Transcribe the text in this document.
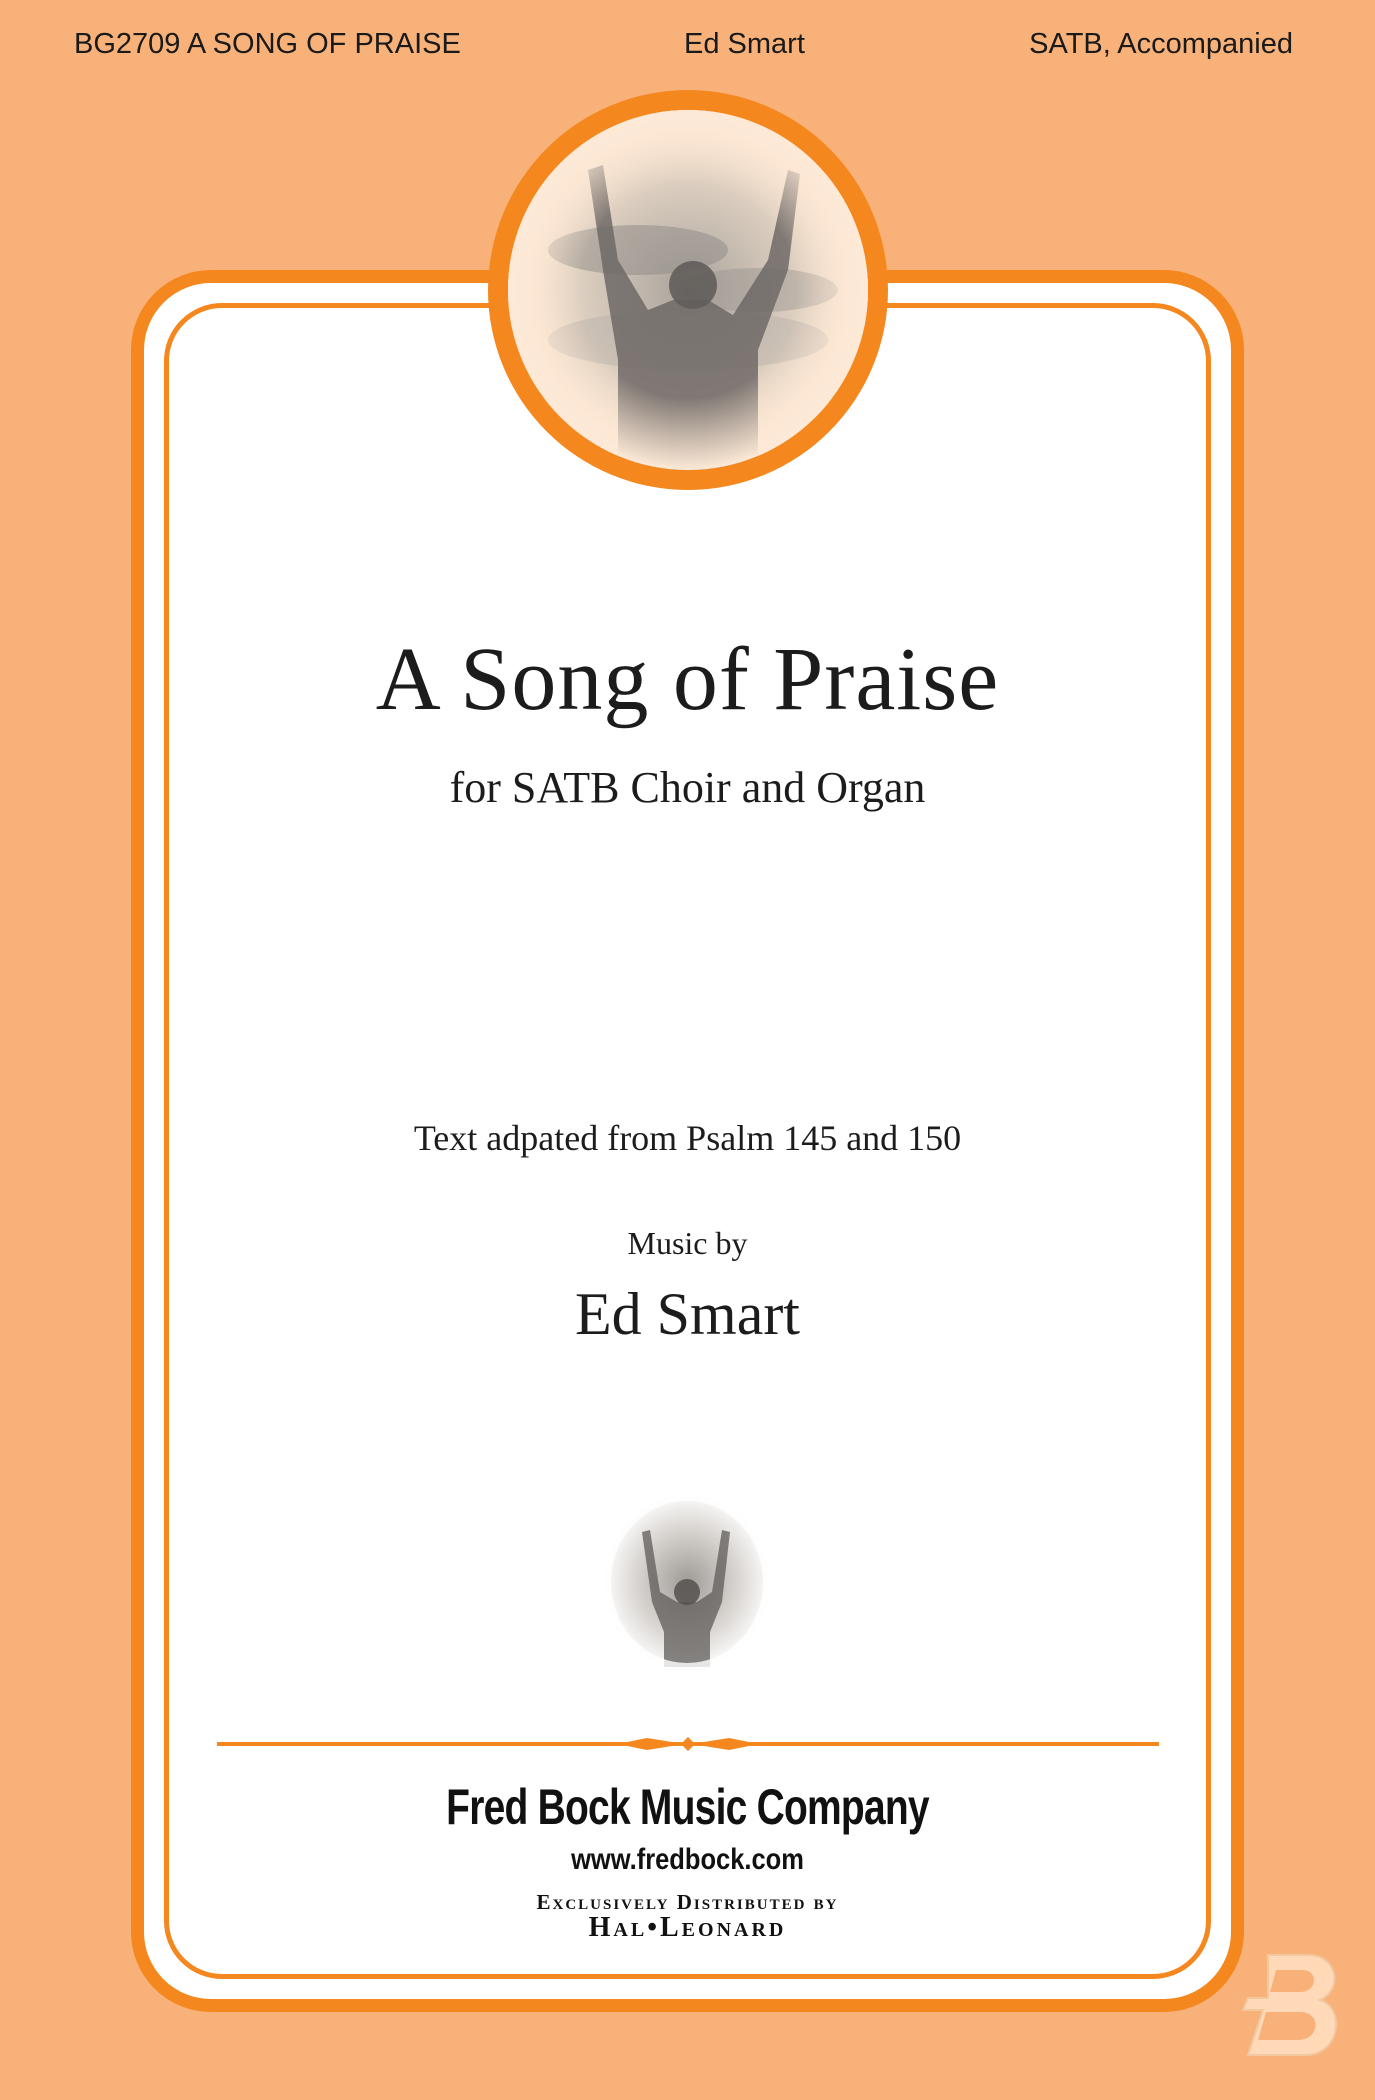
BG2709 A SONG OF PRAISE	Ed Smart	SATB, Accompanied
A Song of Praise
for SATB Choir and Organ
Text adpated from Psalm 145 and 150
Music by
Ed Smart
Fred Bock Music Company
www.fredbock.com
Exclusively Distributed by
Hal•Leonard
